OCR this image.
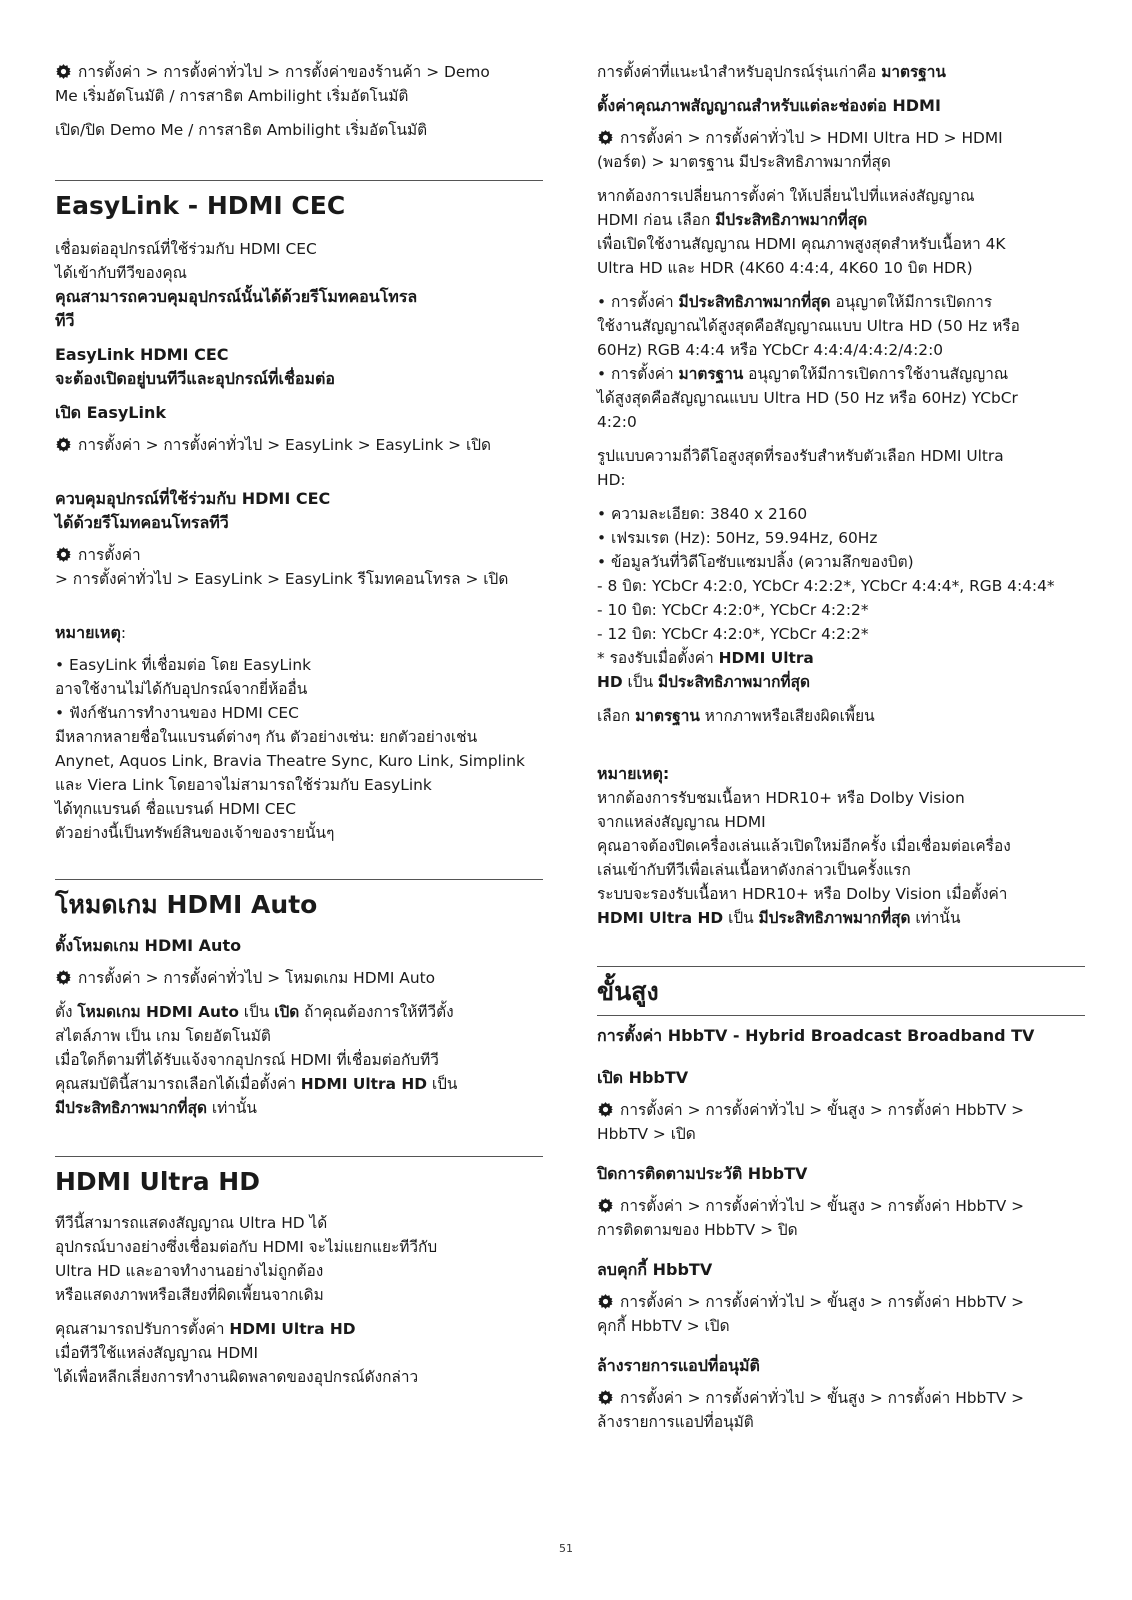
การตั้งค่า > การตั้งค่าทั่วไป > การตั้งค่าของร้านค้า > Demo
Me เริ่มอัตโนมัติ / การสาธิต Ambilight เริ่มอัตโนมัติ

เปิด/ปิด Demo Me / การสาธิต Ambilight เริ่มอัตโนมัติ

EasyLink - HDMI CEC
เชื่อมต่ออุปกรณ์ที่ใช้ร่วมกับ HDMI CEC
ได้เข้ากับทีวีของคุณ
คุณสามารถควบคุมอุปกรณ์นั้นได้ด้วยรีโมทคอนโทรล
ทีวี
EasyLink HDMI CEC
จะต้องเปิดอยู่บนทีวีและอุปกรณ์ที่เชื่อมต่อ
เปิด EasyLink

การตั้งค่า > การตั้งค่าทั่วไป > EasyLink > EasyLink > เปิด

ควบคุมอุปกรณ์ที่ใช้ร่วมกับ HDMI CEC
ได้ด้วยรีโมทคอนโทรลทีวี
การตั้งค่า
> การตั้งค่าทั่วไป > EasyLink > EasyLink รีโมทคอนโทรล > เปิด
หมายเหตุ:
• EasyLink ที่เชื่อมต่อ โดย EasyLink
อาจใช้งานไม่ได้กับอุปกรณ์จากยี่ห้ออื่น
• ฟังก์ชันการทำงานของ HDMI CEC
มีหลากหลายชื่อในแบรนด์ต่างๆ กัน ตัวอย่างเช่น: ยกตัวอย่างเช่น
Anynet, Aquos Link, Bravia Theatre Sync, Kuro Link, Simplink
และ Viera Link โดยอาจไม่สามารถใช้ร่วมกับ EasyLink
ได้ทุกแบรนด์ ชื่อแบรนด์ HDMI CEC
ตัวอย่างนี้เป็นทรัพย์สินของเจ้าของรายนั้นๆ
โหมดเกม HDMI Auto
ตั้งโหมดเกม HDMI Auto

การตั้งค่า > การตั้งค่าทั่วไป > โหมดเกม HDMI Auto

ตั้ง โหมดเกม HDMI Auto เป็น เปิด ถ้าคุณต้องการให้ทีวีตั้ง
สไตล์ภาพ เป็น เกม โดยอัตโนมัติ
เมื่อใดก็ตามที่ได้รับแจ้งจากอุปกรณ์ HDMI ที่เชื่อมต่อกับทีวี
คุณสมบัตินี้สามารถเลือกได้เมื่อตั้งค่า HDMI Ultra HD เป็น
มีประสิทธิภาพมากที่สุด เท่านั้น
HDMI Ultra HD
ทีวีนี้สามารถแสดงสัญญาณ Ultra HD ได้
อุปกรณ์บางอย่างซึ่งเชื่อมต่อกับ HDMI จะไม่แยกแยะทีวีกับ
Ultra HD และอาจทำงานอย่างไม่ถูกต้อง
หรือแสดงภาพหรือเสียงที่ผิดเพี้ยนจากเดิม
คุณสามารถปรับการตั้งค่า HDMI Ultra HD
เมื่อทีวีใช้แหล่งสัญญาณ HDMI
ได้เพื่อหลีกเลี่ยงการทำงานผิดพลาดของอุปกรณ์ดังกล่าว

การตั้งค่าที่แนะนำสำหรับอุปกรณ์รุ่นเก่าคือ มาตรฐาน

ตั้งค่าคุณภาพสัญญาณสำหรับแต่ละช่องต่อ HDMI
การตั้งค่า > การตั้งค่าทั่วไป > HDMI Ultra HD > HDMI
(พอร์ต) > มาตรฐาน มีประสิทธิภาพมากที่สุด
หากต้องการเปลี่ยนการตั้งค่า ให้เปลี่ยนไปที่แหล่งสัญญาณ
HDMI ก่อน เลือก มีประสิทธิภาพมากที่สุด
เพื่อเปิดใช้งานสัญญาณ HDMI คุณภาพสูงสุดสำหรับเนื้อหา 4K
Ultra HD และ HDR (4K60 4:4:4, 4K60 10 บิต HDR)
• การตั้งค่า มีประสิทธิภาพมากที่สุด อนุญาตให้มีการเปิดการ
ใช้งานสัญญาณได้สูงสุดคือสัญญาณแบบ Ultra HD (50 Hz หรือ
60Hz) RGB 4:4:4 หรือ YCbCr 4:4:4/4:4:2/4:2:0
• การตั้งค่า มาตรฐาน อนุญาตให้มีการเปิดการใช้งานสัญญาณ
ได้สูงสุดคือสัญญาณแบบ Ultra HD (50 Hz หรือ 60Hz) YCbCr
4:2:0
รูปแบบความถี่วิดีโอสูงสุดที่รองรับสำหรับตัวเลือก HDMI Ultra
HD:
• ความละเอียด: 3840 x 2160
• เฟรมเรต (Hz): 50Hz, 59.94Hz, 60Hz
• ข้อมูลวันที่วิดีโอซับแซมปลิ้ง (ความลึกของบิต)
- 8 บิต: YCbCr 4:2:0, YCbCr 4:2:2*, YCbCr 4:4:4*, RGB 4:4:4*
- 10 บิต: YCbCr 4:2:0*, YCbCr 4:2:2*
- 12 บิต: YCbCr 4:2:0*, YCbCr 4:2:2*
* รองรับเมื่อตั้งค่า HDMI Ultra
HD เป็น มีประสิทธิภาพมากที่สุด

เลือก มาตรฐาน หากภาพหรือเสียงผิดเพี้ยน

หมายเหตุ:
หากต้องการรับชมเนื้อหา HDR10+ หรือ Dolby Vision
จากแหล่งสัญญาณ HDMI
คุณอาจต้องปิดเครื่องเล่นแล้วเปิดใหม่อีกครั้ง เมื่อเชื่อมต่อเครื่อง
เล่นเข้ากับทีวีเพื่อเล่นเนื้อหาดังกล่าวเป็นครั้งแรก
ระบบจะรองรับเนื้อหา HDR10+ หรือ Dolby Vision เมื่อตั้งค่า
HDMI Ultra HD เป็น มีประสิทธิภาพมากที่สุด เท่านั้น
ขั้นสูง
การตั้งค่า HbbTV - Hybrid Broadcast Broadband TV
เปิด HbbTV
การตั้งค่า > การตั้งค่าทั่วไป > ขั้นสูง > การตั้งค่า HbbTV >
HbbTV > เปิด
ปิดการติดตามประวัติ HbbTV
การตั้งค่า > การตั้งค่าทั่วไป > ขั้นสูง > การตั้งค่า HbbTV >
การติดตามของ HbbTV > ปิด
ลบคุกกี้ HbbTV
การตั้งค่า > การตั้งค่าทั่วไป > ขั้นสูง > การตั้งค่า HbbTV >
คุกกี้ HbbTV > เปิด
ล้างรายการแอปที่อนุมัติ
การตั้งค่า > การตั้งค่าทั่วไป > ขั้นสูง > การตั้งค่า HbbTV >
ล้างรายการแอปที่อนุมัติ
51
